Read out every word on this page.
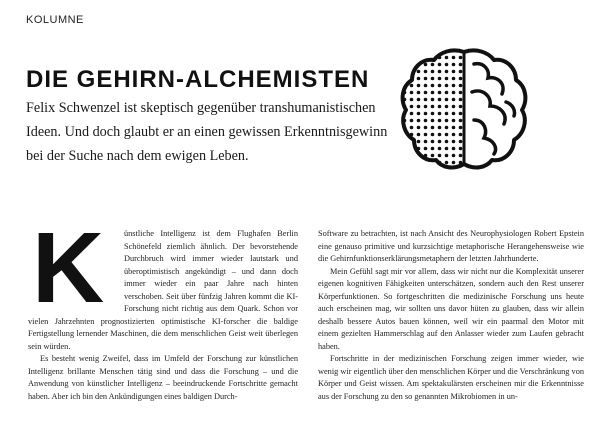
KOLUMNE
DIE GEHIRN-ALCHEMISTEN

Felix Schwenzel ist skeptisch gegenüber transhumanistischen Ideen. Und doch glaubt er an einen gewissen Erkenntnisgewinn bei der Suche nach dem ewigen Leben.

K	ünstliche Intelligenz ist dem Flughafen Berlin Schönefeld ziemlich ähnlich. Der bevorstehende Durchbruch wird immer wieder lautstark und überoptimistisch angekündigt – und dann doch immer wieder ein paar Jahre nach hinten verschoben. Seit über fünfzig Jahren kommt die KI-Forschung nicht richtig aus dem Quark. Schon vor vielen Jahrzehnten prognostizierten optimistische KI-forscher die baldige Fertigstellung lernender Maschinen, die dem menschlichen Geist weit überlegen sein würden.

Es besteht wenig Zweifel, dass im Umfeld der Forschung zur künstlichen Intelligenz brillante Menschen tätig sind und dass die Forschung – und die Anwendung von künstlicher Intelligenz – beeindruckende Fortschritte gemacht haben. Aber ich bin den Ankündigungen eines baldigen Durch-

Software zu betrachten, ist nach Ansicht des Neurophysiologen Robert Epstein eine genauso primitive und kurzsichtige metaphorische Herangehensweise wie die Gehirnfunktionserklärungsmetaphern der letzten Jahrhunderte.

Mein Gefühl sagt mir vor allem, dass wir nicht nur die Komplexität unserer eigenen kognitiven Fähigkeiten unterschätzen, sondern auch den Rest unserer Körperfunktionen. So fortgeschritten die medizinische Forschung uns heute auch erscheinen mag, wir sollten uns davor hüten zu glauben, dass wir allein deshalb bessere Autos bauen können, weil wir ein paarmal den Motor mit einem gezielten Hammerschlag auf den Anlasser wieder zum Laufen gebracht haben.

Fortschritte in der medizinischen Forschung zeigen immer wieder, wie wenig wir eigentlich über den menschlichen Körper und die Verschränkung von Körper und Geist wissen. Am spektakulärsten erscheinen mir die Erkenntnisse aus der Forschung zu den so genannten Mikrobiomen in un-
